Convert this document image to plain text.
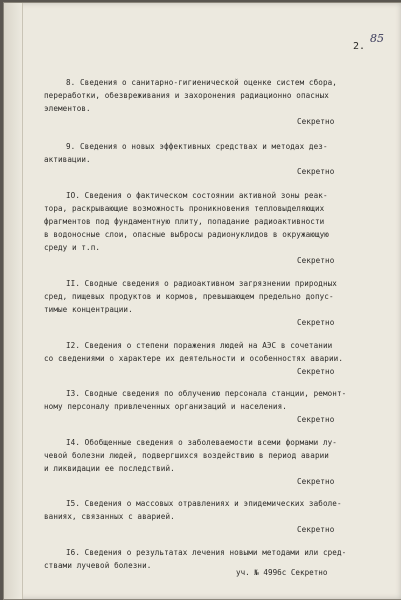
85
2.
8. Сведения о санитарно-гигиенической оценке систем сбора,
переработки, обезвреживания и захоронения радиационно опасных
элементов.
Секретно
9. Сведения о новых эффективных средствах и методах дез-
активации.
Секретно
IO. Сведения о фактическом состоянии активной зоны реак-
тора, раскрывающие возможность проникновения тепловыделяющих
фрагментов под фундаментную плиту, попадание радиоактивности
в водоносные слои, опасные выбросы радионуклидов в окружающую
среду и т.п.
Секретно
II. Сводные сведения о радиоактивном загрязнении природных
сред, пищевых продуктов и кормов, превышающем предельно допус-
тимые концентрации.
Секретно
I2. Сведения о степени поражения людей на АЭС в сочетании
со сведениями о характере их деятельности и особенностях аварии.
Секретно
I3. Сводные сведения по облучению персонала станции, ремонт-
ному персоналу привлеченных организаций и населения.
Секретно
I4. Обобщенные сведения о заболеваемости всеми формами лу-
чевой болезни людей, подвергшихся воздействию в период аварии
и ликвидации ее последствий.
Секретно
I5. Сведения о массовых отравлениях и эпидемических заболе-
ваниях, связанных с аварией.
Секретно
I6. Сведения о результатах лечения новыми методами или сред-
ствами лучевой болезни.
уч. № 4996с Секретно
